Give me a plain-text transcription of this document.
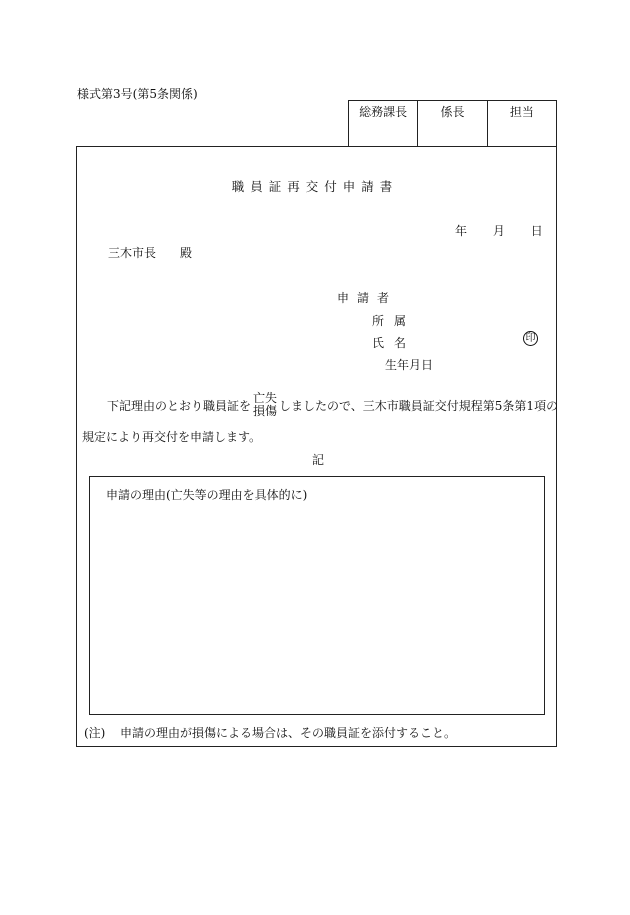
様式第3号(第5条関係)
総務課長	係長	担当
職員証再交付申請書
年 月 日
三木市長 殿
申請者
所属
氏名	印
生年月日
下記理由のとおり職員証を
亡失
損傷 しましたので、三木市職員証交付規程第5条第1項の
規定により再交付を申請します。
記
申請の理由(亡失等の理由を具体的に)
(注) 申請の理由が損傷による場合は、その職員証を添付すること。
